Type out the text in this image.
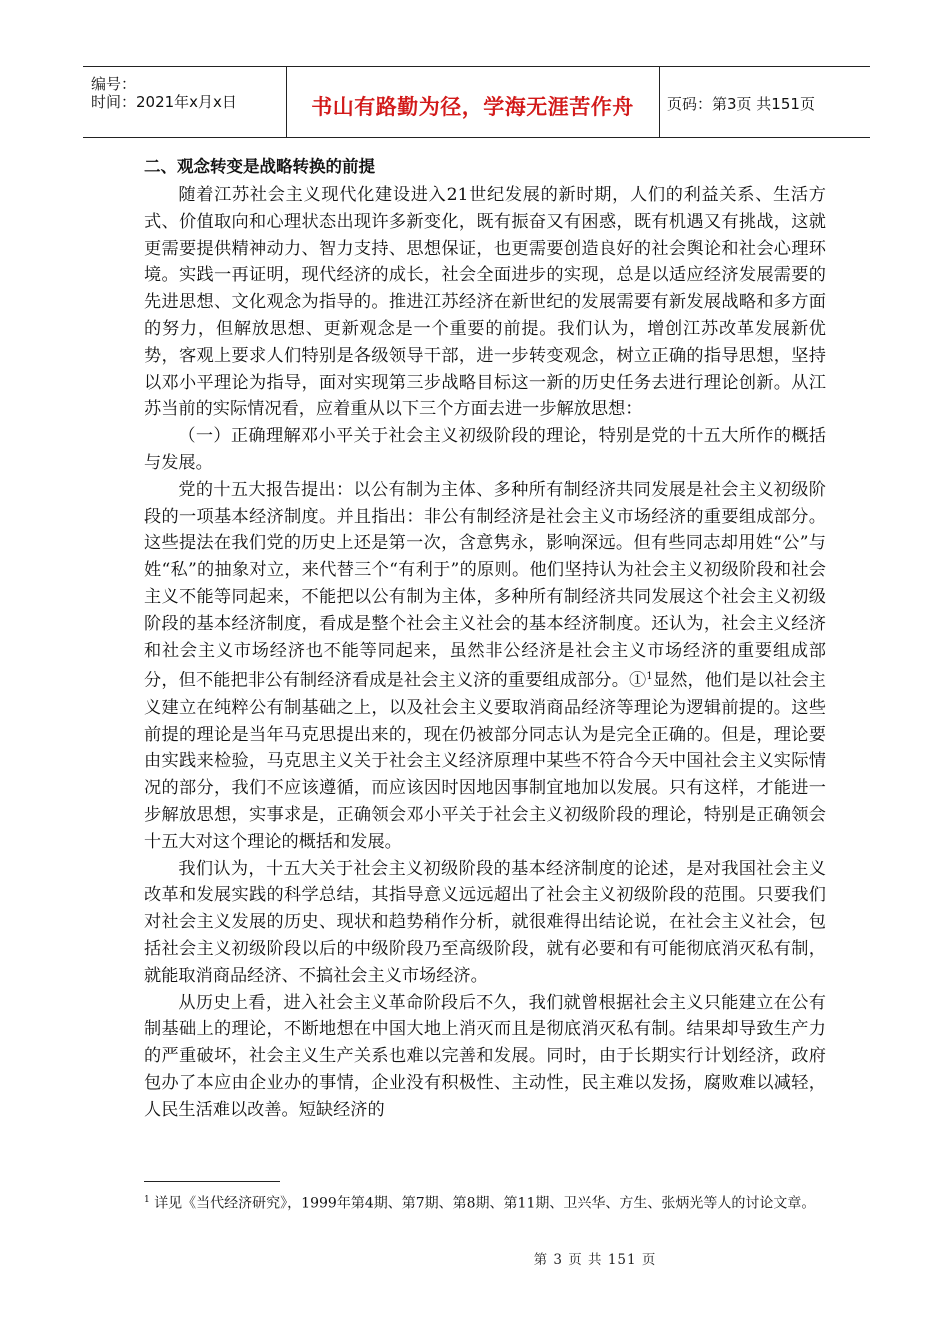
编号：
时间：2021年x月x日	书山有路勤为径，学海无涯苦作舟	页码：第3页 共151页
二、观念转变是战略转换的前提

随着江苏社会主义现代化建设进入21世纪发展的新时期，人们的利益关系、生活方式、价值取向和心理状态出现许多新变化，既有振奋又有困惑，既有机遇又有挑战，这就更需要提供精神动力、智力支持、思想保证，也更需要创造良好的社会舆论和社会心理环境。实践一再证明，现代经济的成长，社会全面进步的实现，总是以适应经济发展需要的先进思想、文化观念为指导的。推进江苏经济在新世纪的发展需要有新发展战略和多方面的努力，但解放思想、更新观念是一个重要的前提。我们认为，增创江苏改革发展新优势，客观上要求人们特别是各级领导干部，进一步转变观念，树立正确的指导思想，坚持以邓小平理论为指导，面对实现第三步战略目标这一新的历史任务去进行理论创新。从江苏当前的实际情况看，应着重从以下三个方面去进一步解放思想：

（一）正确理解邓小平关于社会主义初级阶段的理论，特别是党的十五大所作的概括与发展。

党的十五大报告提出：以公有制为主体、多种所有制经济共同发展是社会主义初级阶段的一项基本经济制度。并且指出：非公有制经济是社会主义市场经济的重要组成部分。这些提法在我们党的历史上还是第一次，含意隽永，影响深远。但有些同志却用姓“公”与姓“私”的抽象对立，来代替三个“有利于”的原则。他们坚持认为社会主义初级阶段和社会主义不能等同起来，不能把以公有制为主体，多种所有制经济共同发展这个社会主义初级阶段的基本经济制度，看成是整个社会主义社会的基本经济制度。还认为，社会主义经济和社会主义市场经济也不能等同起来，虽然非公经济是社会主义市场经济的重要组成部分，但不能把非公有制经济看成是社会主义济的重要组成部分。①$^1$显然，他们是以社会主义建立在纯粹公有制基础之上，以及社会主义要取消商品经济等理论为逻辑前提的。这些前提的理论是当年马克思提出来的，现在仍被部分同志认为是完全正确的。但是，理论要由实践来检验，马克思主义关于社会主义经济原理中某些不符合今天中国社会主义实际情况的部分，我们不应该遵循，而应该因时因地因事制宜地加以发展。只有这样，才能进一步解放思想，实事求是，正确领会邓小平关于社会主义初级阶段的理论，特别是正确领会十五大对这个理论的概括和发展。

我们认为，十五大关于社会主义初级阶段的基本经济制度的论述，是对我国社会主义改革和发展实践的科学总结，其指导意义远远超出了社会主义初级阶段的范围。只要我们对社会主义发展的历史、现状和趋势稍作分析，就很难得出结论说，在社会主义社会，包括社会主义初级阶段以后的中级阶段乃至高级阶段，就有必要和有可能彻底消灭私有制，就能取消商品经济、不搞社会主义市场经济。

从历史上看，进入社会主义革命阶段后不久，我们就曾根据社会主义只能建立在公有制基础上的理论，不断地想在中国大地上消灭而且是彻底消灭私有制。结果却导致生产力的严重破坏，社会主义生产关系也难以完善和发展。同时，由于长期实行计划经济，政府包办了本应由企业办的事情，企业没有积极性、主动性，民主难以发扬，腐败难以减轻，人民生活难以改善。短缺经济的

$^1$ 详见《当代经济研究》，1999年第4期、第7期、第8期、第11期、卫兴华、方生、张炳光等人的讨论文章。
第 3 页 共 151 页
